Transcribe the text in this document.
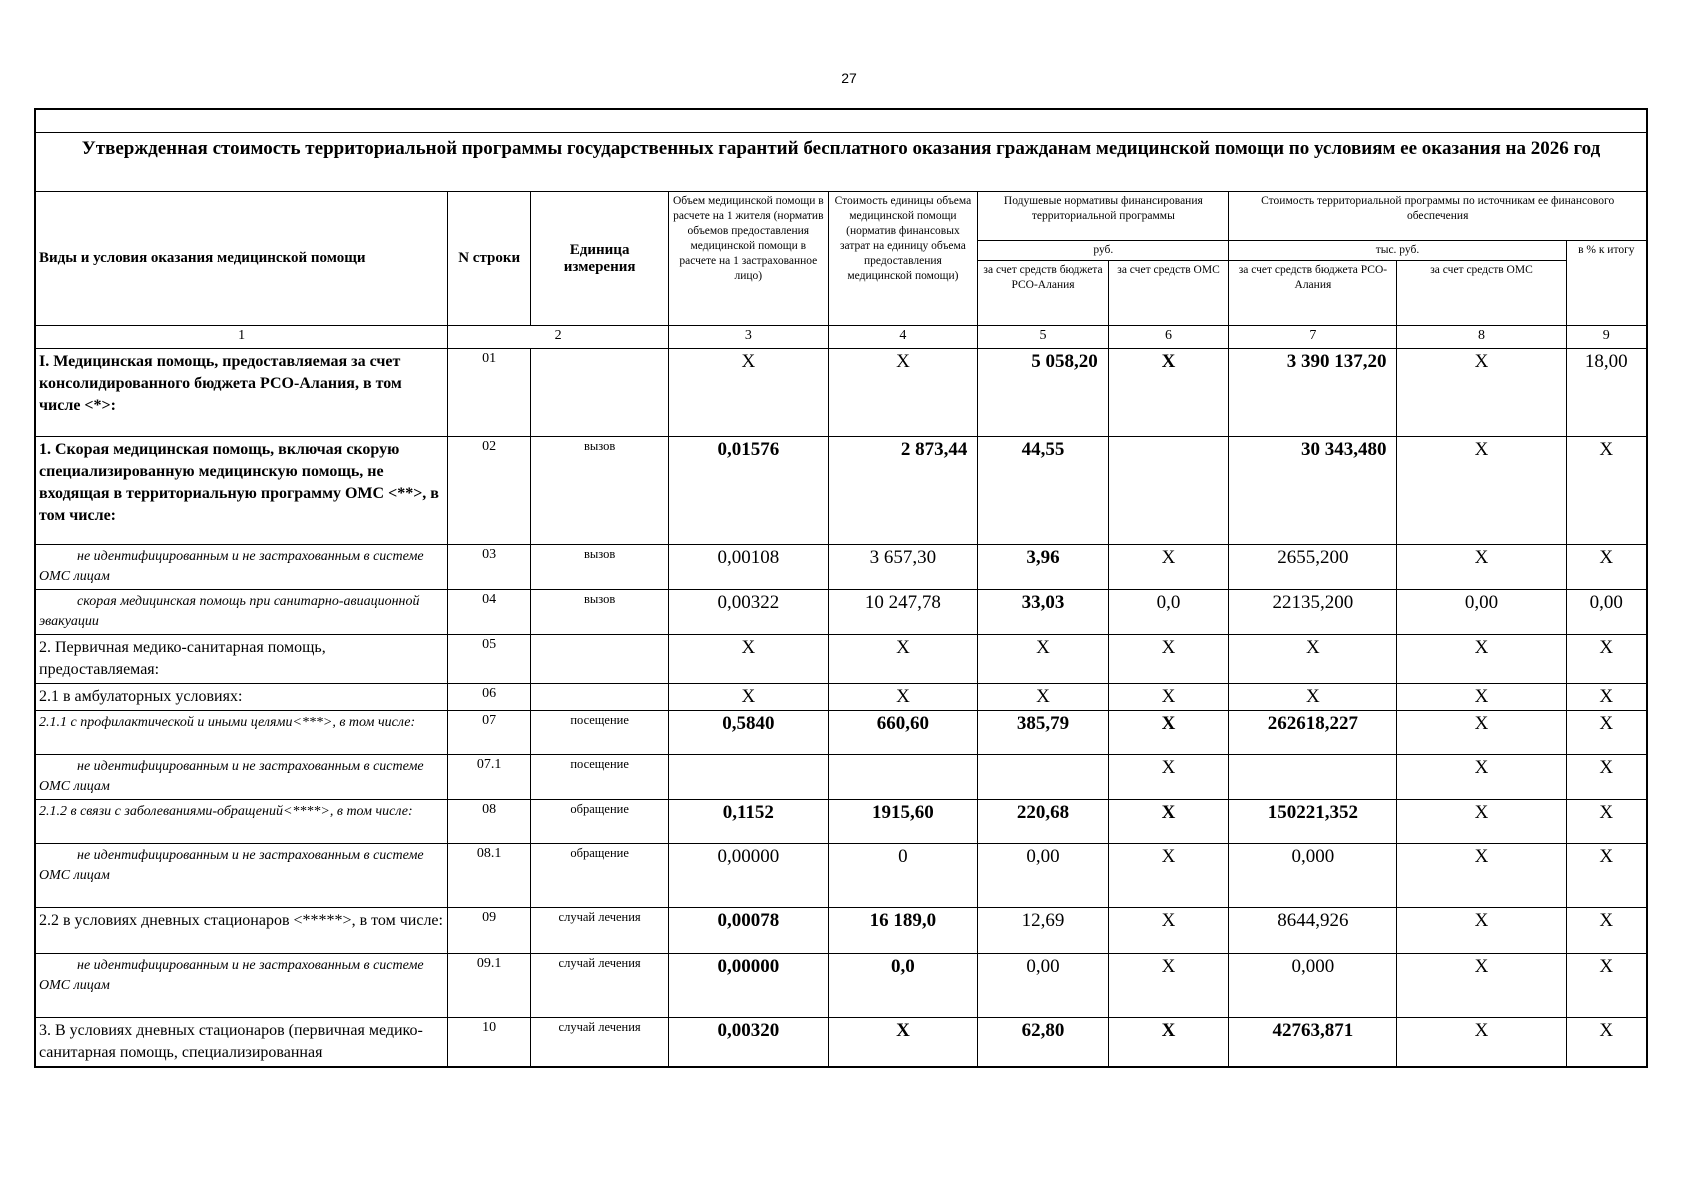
27

Утвержденная стоимость территориальной программы государственных гарантий бесплатного оказания гражданам медицинской помощи по условиям ее оказания на 2026 год									
Виды и условия оказания медицинской помощи	N строки	Единица измерения	Объем медицинской помощи в расчете на 1 жителя (норматив объемов предоставления медицинской помощи в расчете на 1 застрахованное лицо)	Стоимость единицы объема медицинской помощи (норматив финансовых затрат на единицу объема предоставления медицинской помощи)	Подушевые нормативы финансирования территориальной программы		Стоимость территориальной программы по источникам ее финансового обеспечения		
					руб.		тыс. руб.		в % к итогу
					за счет средств бюджета РСО-Алания	за счет средств ОМС	за счет средств бюджета РСО-Алания	за счет средств ОМС	
1	2		3	4	5	6	7	8	9
I. Медицинская помощь, предоставляемая за счет консолидированного бюджета РСО-Алания, в том числе <*>:	01		Х	Х	5 058,20	Х	3 390 137,20	Х	18,00
1. Скорая медицинская помощь, включая скорую специализированную медицинскую помощь, не входящая в территориальную программу ОМС <**>, в том числе:	02	вызов	0,01576	2 873,44	44,55		30 343,480	Х	Х
не идентифицированным и не застрахованным в системе ОМС лицам	03	вызов	0,00108	3 657,30	3,96	Х	2655,200	Х	Х
скорая медицинская помощь при санитарно-авиационной эвакуации	04	вызов	0,00322	10 247,78	33,03	0,0	22135,200	0,00	0,00
2. Первичная медико-санитарная помощь, предоставляемая:	05		Х	Х	Х	Х	Х	Х	Х
2.1 в амбулаторных условиях:	06		Х	Х	Х	Х	Х	Х	Х
2.1.1 с профилактической и иными целями<***>, в том числе:	07	посещение	0,5840	660,60	385,79	Х	262618,227	Х	Х
не идентифицированным и не застрахованным в системе ОМС лицам	07.1	посещение				Х		Х	Х
2.1.2 в связи с заболеваниями-обращений<****>, в том числе:	08	обращение	0,1152	1915,60	220,68	Х	150221,352	Х	Х
не идентифицированным и не застрахованным в системе ОМС лицам	08.1	обращение	0,00000	0	0,00	Х	0,000	Х	Х
2.2 в условиях дневных стационаров <*****>, в том числе:	09	случай лечения	0,00078	16 189,0	12,69	Х	8644,926	Х	Х
не идентифицированным и не застрахованным в системе ОМС лицам	09.1	случай лечения	0,00000	0,0	0,00	Х	0,000	Х	Х
3. В условиях дневных стационаров (первичная медико-санитарная помощь, специализированная	10	случай лечения	0,00320	Х	62,80	Х	42763,871	Х	Х
